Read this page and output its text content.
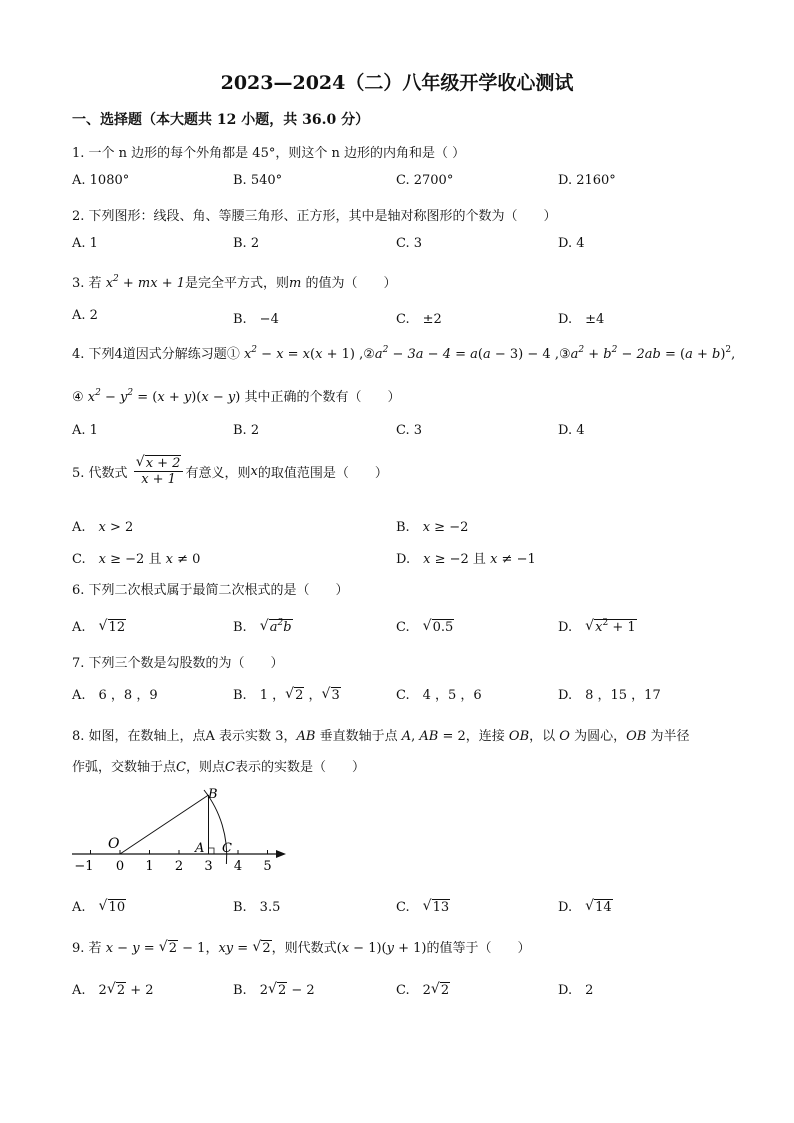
2023—2024（二）八年级开学收心测试
一、选择题（本大题共 12 小题，共 36.0 分）
1. 一个 n 边形的每个外角都是 45°，则这个 n 边形的内角和是（ ）
A. 1080°	B. 540°	C. 2700°	D. 2160°
2. 下列图形：线段、角、等腰三角形、正方形，其中是轴对称图形的个数为（　　）
A. 1	B. 2	C. 3	D. 4
3. 若 $x^2$ + mx + 1是完全平方式，则m 的值为（　　）
A. 2	B.　−4	C.　±2	D.　±4
4. 下列4道因式分解练习题① $x^2 - x = x(x + 1)$ $,②a^2 - 3a - 4 = a(a - 3) - 4$ $,③a^2 + b^2 - 2ab = (a + b)^2$,
④ $x^2 - y^2 = (x + y)(x - y)$ 其中正确的个数有（　　）
A. 1	B. 2	C. 3	D. 4
5. 代数式 √ $\frac{x + 2}{x + 1}$ 有意义，则x的取值范围是（　　）
A.　 x > 2	B.　 x ≥ −2
C.　 x ≥ −2 且 x ≠ 0	D.　 x ≥ −2 且 x ≠ −1
6. 下列二次根式属于最简二次根式的是（　　）
A.　 √ 12	B.　 √ $a^2b$	C.　 √ 0.5	D.　 √ $x^2 + 1$
7. 下列三个数是勾股数的为（　　）
A.　6 ，8 ，9	B.　1 ， √ 2 ， √ 3	C.　4 ，5 ，6	D.　8 ，15 ，17
8. 如图，在数轴上，点A 表示实数 3，AB 垂直数轴于点 A, AB = 2，连接 OB，以 O 为圆心，OB 为半径
作弧，交数轴于点C，则点C表示的实数是（　　）
O
B
A C
−1 0 1 2 3 4 5
A.　 √ 10	B.　3.5	C.　 √ 13	D.　 √ 14
9. 若 x − y = √ 2 − 1，xy = √ 2，则代数式(x − 1)(y + 1)的值等于（　　）
A.　2 √ 2 + 2	B.　2 √ 2 − 2	C.　2 √ 2	D.　2
